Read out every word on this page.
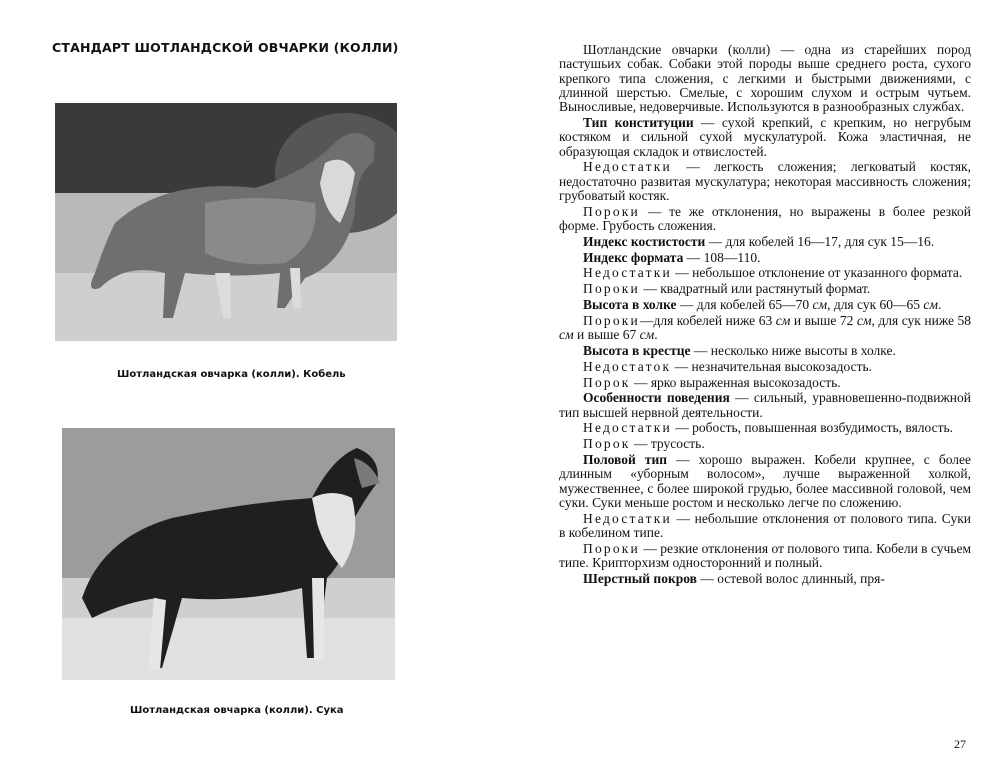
СТАНДАРТ ШОТЛАНДСКОЙ ОВЧАРКИ (КОЛЛИ)
Шотландская овчарка (колли). Кобель
Шотландская овчарка (колли). Сука

Шотландские овчарки (колли) — одна из старейших пород пастушьих собак. Собаки этой породы выше среднего роста, сухого крепкого типа сложения, с легкими и быстрыми движениями, с длинной шерстью. Смелые, с хорошим слухом и острым чутьем. Выносливые, недоверчивые. Используются в разнообразных службах.

Тип конституции — сухой крепкий, с крепким, но негрубым костяком и сильной сухой мускулатурой. Кожа эластичная, не образующая складок и отвислостей.

Недостатки — легкость сложения; легковатый костяк, недостаточно развитая мускулатура; некоторая массивность сложения; грубоватый костяк.

Пороки — те же отклонения, но выражены в более резкой форме. Грубость сложения.

Индекс костистости — для кобелей 16—17, для сук 15—16.

Индекс формата — 108—110.

Недостатки — небольшое отклонение от указанного формата.

Пороки — квадратный или растянутый формат.

Высота в холке — для кобелей 65—70 см, для сук 60—65 см.

Пороки—для кобелей ниже 63 см и выше 72 см, для сук ниже 58 см и выше 67 см.

Высота в крестце — несколько ниже высоты в холке.

Недостаток — незначительная высокозадость.

Порок — ярко выраженная высокозадость.

Особенности поведения — сильный, уравновешенно-подвижной тип высшей нервной деятельности.

Недостатки — робость, повышенная возбудимость, вялость.

Порок — трусость.

Половой тип — хорошо выражен. Кобели крупнее, с более длинным «уборным волосом», лучше выраженной холкой, мужественнее, с более широкой грудью, более массивной головой, чем суки. Суки меньше ростом и несколько легче по сложению.

Недостатки — небольшие отклонения от полового типа. Суки в кобелином типе.

Пороки — резкие отклонения от полового типа. Кобели в сучьем типе. Крипторхизм односторонний и полный.

Шерстный покров — остевой волос длинный, пря-

27
